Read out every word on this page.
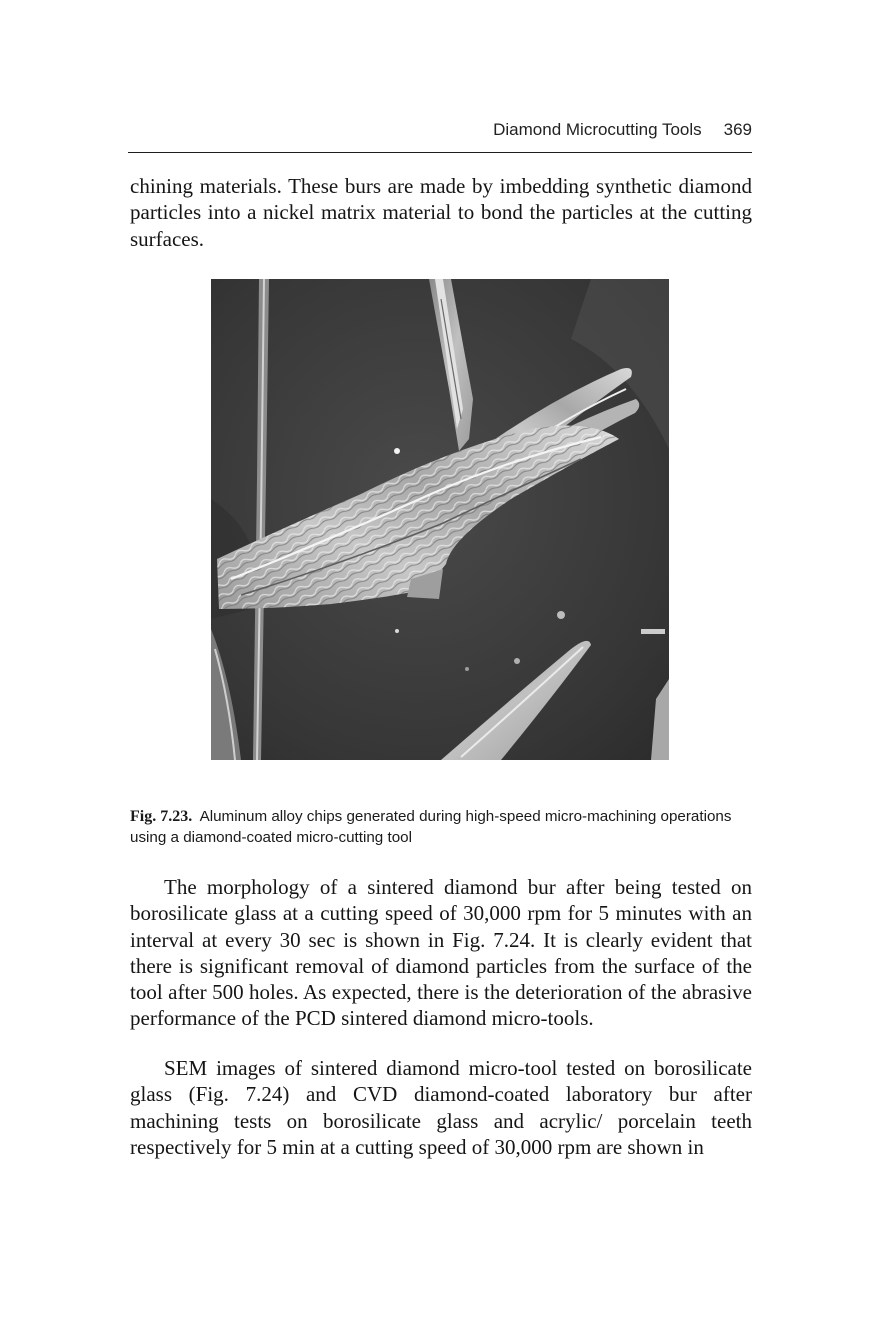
Diamond Microcutting Tools 369

chining materials. These burs are made by imbedding synthetic diamond particles into a nickel matrix material to bond the particles at the cutting surfaces.

Fig. 7.23. Aluminum alloy chips generated during high-speed micro-machining operations using a diamond-coated micro-cutting tool

The morphology of a sintered diamond bur after being tested on borosilicate glass at a cutting speed of 30,000 rpm for 5 minutes with an interval at every 30 sec is shown in Fig. 7.24. It is clearly evident that there is significant removal of diamond particles from the surface of the tool after 500 holes. As expected, there is the deterioration of the abrasive performance of the PCD sintered diamond micro-tools.

SEM images of sintered diamond micro-tool tested on borosilicate glass (Fig. 7.24) and CVD diamond-coated laboratory bur after machining tests on borosilicate glass and acrylic/ porcelain teeth respectively for 5 min at a cutting speed of 30,000 rpm are shown in
